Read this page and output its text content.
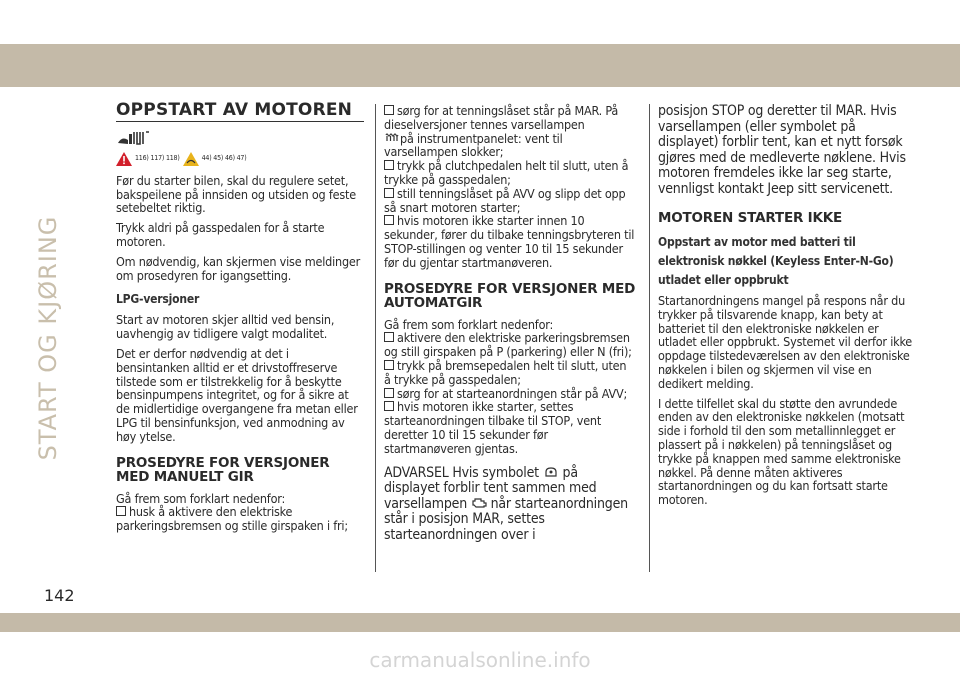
START OG KJØRING
142
carmanualsonline.info
OPPSTART AV MOTOREN
116) 117) 118)	44) 45) 46) 47)

Før du starter bilen, skal du regulere setet, bakspeilene på innsiden og utsiden og feste setebeltet riktig.

Trykk aldri på gasspedalen for å starte motoren.

Om nødvendig, kan skjermen vise meldinger om prosedyren for igangsetting.

LPG-versjoner

Start av motoren skjer alltid ved bensin, uavhengig av tidligere valgt modalitet.

Det er derfor nødvendig at det i bensintanken alltid er et drivstoffreserve tilstede som er tilstrekkelig for å beskytte bensinpumpens integritet, og for å sikre at de midlertidige overgangene fra metan eller LPG til bensinfunksjon, ved anmodning av høy ytelse.

PROSEDYRE FOR VERSJONER MED MANUELT GIR

Gå frem som forklart nedenfor:

husk å aktivere den elektriske parkeringsbremsen og stille girspaken i fri;
sørg for at tenningslåset står på MAR. På dieselversjoner tennes varsellampen
på instrumentpanelet: vent til varsellampen slokker;
trykk på clutchpedalen helt til slutt, uten å trykke på gasspedalen;
still tenningslåset på AVV og slipp det opp så snart motoren starter;
hvis motoren ikke starter innen 10 sekunder, fører du tilbake tenningsbryteren til STOP-stillingen og venter 10 til 15 sekunder før du gjentar startmanøveren.
PROSEDYRE FOR VERSJONER MED AUTOMATGIR

Gå frem som forklart nedenfor:

aktivere den elektriske parkeringsbremsen og still girspaken på P (parkering) eller N (fri);
trykk på bremsepedalen helt til slutt, uten å trykke på gasspedalen;
sørg for at starteanordningen står på AVV;
hvis motoren ikke starter, settes starteanordningen tilbake til STOP, vent deretter 10 til 15 sekunder før startmanøveren gjentas.
ADVARSEL Hvis symbolet på displayet forblir tent sammen med varsellampen når starteanordningen står i posisjon MAR, settes starteanordningen over i

posisjon STOP og deretter til MAR. Hvis varsellampen (eller symbolet på displayet) forblir tent, kan et nytt forsøk gjøres med de medleverte nøklene. Hvis motoren fremdeles ikke lar seg starte, vennligst kontakt Jeep sitt servicenett.

MOTOREN STARTER IKKE
Oppstart av motor med batteri til elektronisk nøkkel (Keyless Enter-N-Go) utladet eller oppbrukt

Startanordningens mangel på respons når du trykker på tilsvarende knapp, kan bety at batteriet til den elektroniske nøkkelen er utladet eller oppbrukt. Systemet vil derfor ikke oppdage tilstedeværelsen av den elektroniske nøkkelen i bilen og skjermen vil vise en dedikert melding.

I dette tilfellet skal du støtte den avrundede enden av den elektroniske nøkkelen (motsatt side i forhold til den som metallinnlegget er plassert på i nøkkelen) på tenningslåset og trykke på knappen med samme elektroniske nøkkel. På denne måten aktiveres startanordningen og du kan fortsatt starte motoren.
